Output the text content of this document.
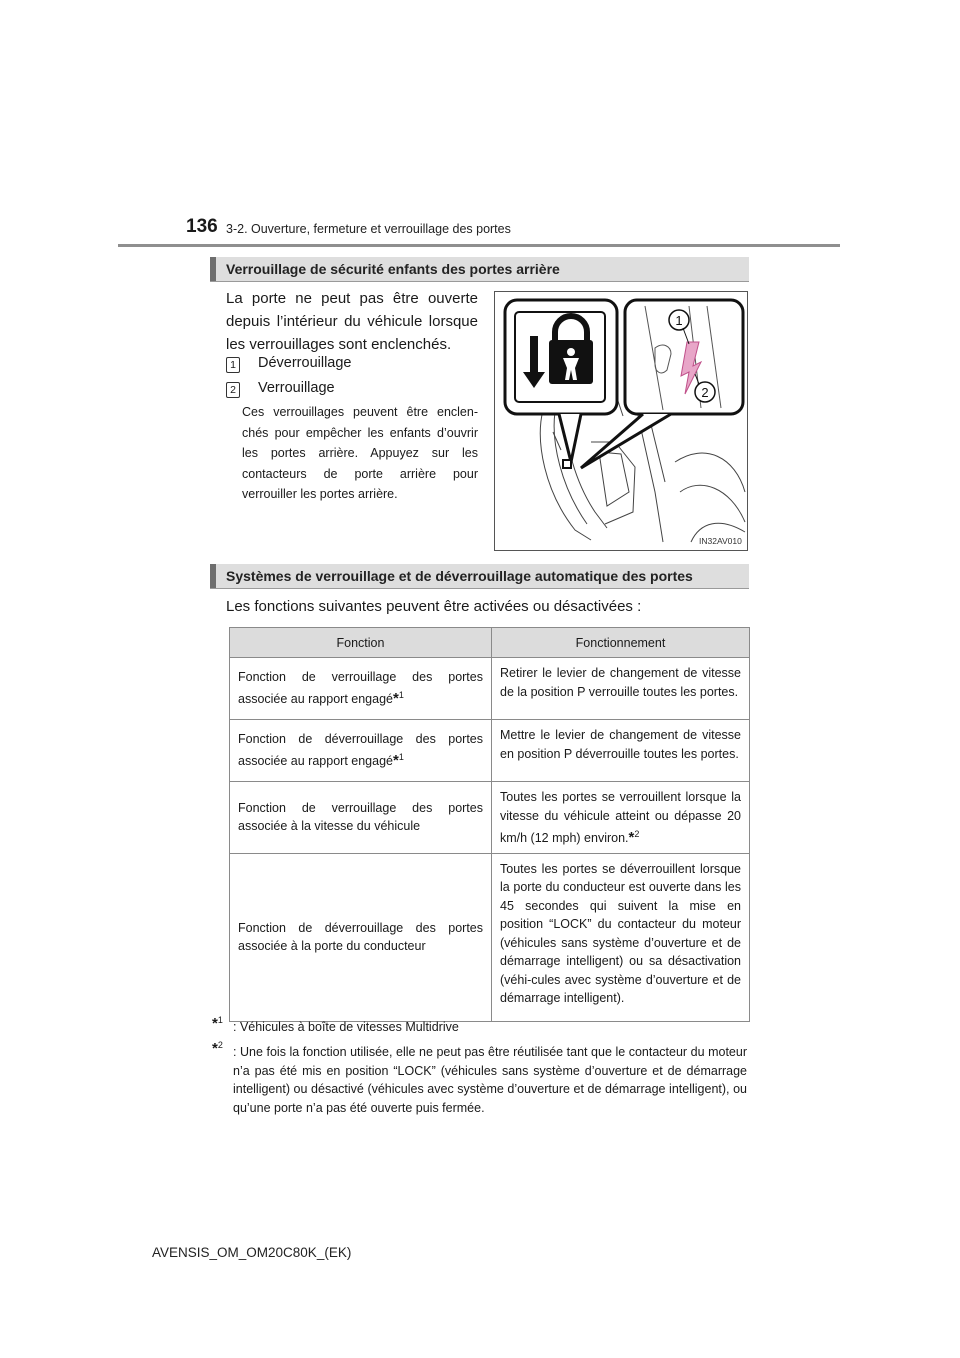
136 3-2. Ouverture, fermeture et verrouillage des portes
Verrouillage de sécurité enfants des portes arrière
La porte ne peut pas être ouverte depuis l’intérieur du véhicule lorsque les verrouillages sont enclenchés.
1 Déverrouillage
2 Verrouillage
Ces verrouillages peuvent être enclen-chés pour empêcher les enfants d’ouvrir les portes arrière. Appuyez sur les contacteurs de porte arrière pour verrouiller les portes arrière.
1
2
IN32AV010
Systèmes de verrouillage et de déverrouillage automatique des portes
Les fonctions suivantes peuvent être activées ou désactivées :
Fonction	Fonctionnement
Fonction de verrouillage des portes associée au rapport engagé*$^1$	Retirer le levier de changement de vitesse de la position P verrouille toutes les portes.
Fonction de déverrouillage des portes associée au rapport engagé*$^1$	Mettre le levier de changement de vitesse en position P déverrouille toutes les portes.
Fonction de verrouillage des portes associée à la vitesse du véhicule	Toutes les portes se verrouillent lorsque la vitesse du véhicule atteint ou dépasse 20 km/h (12 mph) environ.*$^2$
Fonction de déverrouillage des portes associée à la porte du conducteur	Toutes les portes se déverrouillent lorsque la porte du conducteur est ouverte dans les 45 secondes qui suivent la mise en position “LOCK” du contacteur du moteur (véhicules sans système d’ouverture et de démarrage intelligent) ou sa désactivation (véhi-cules avec système d’ouverture et de démarrage intelligent).
*$^1$ : Véhicules à boîte de vitesses Multidrive
*$^2$ : Une fois la fonction utilisée, elle ne peut pas être réutilisée tant que le contacteur du moteur n’a pas été mis en position “LOCK” (véhicules sans système d’ouverture et de démarrage intelligent) ou désactivé (véhicules avec système d’ouverture et de démarrage intelligent), ou qu’une porte n’a pas été ouverte puis fermée.
AVENSIS_OM_OM20C80K_(EK)
